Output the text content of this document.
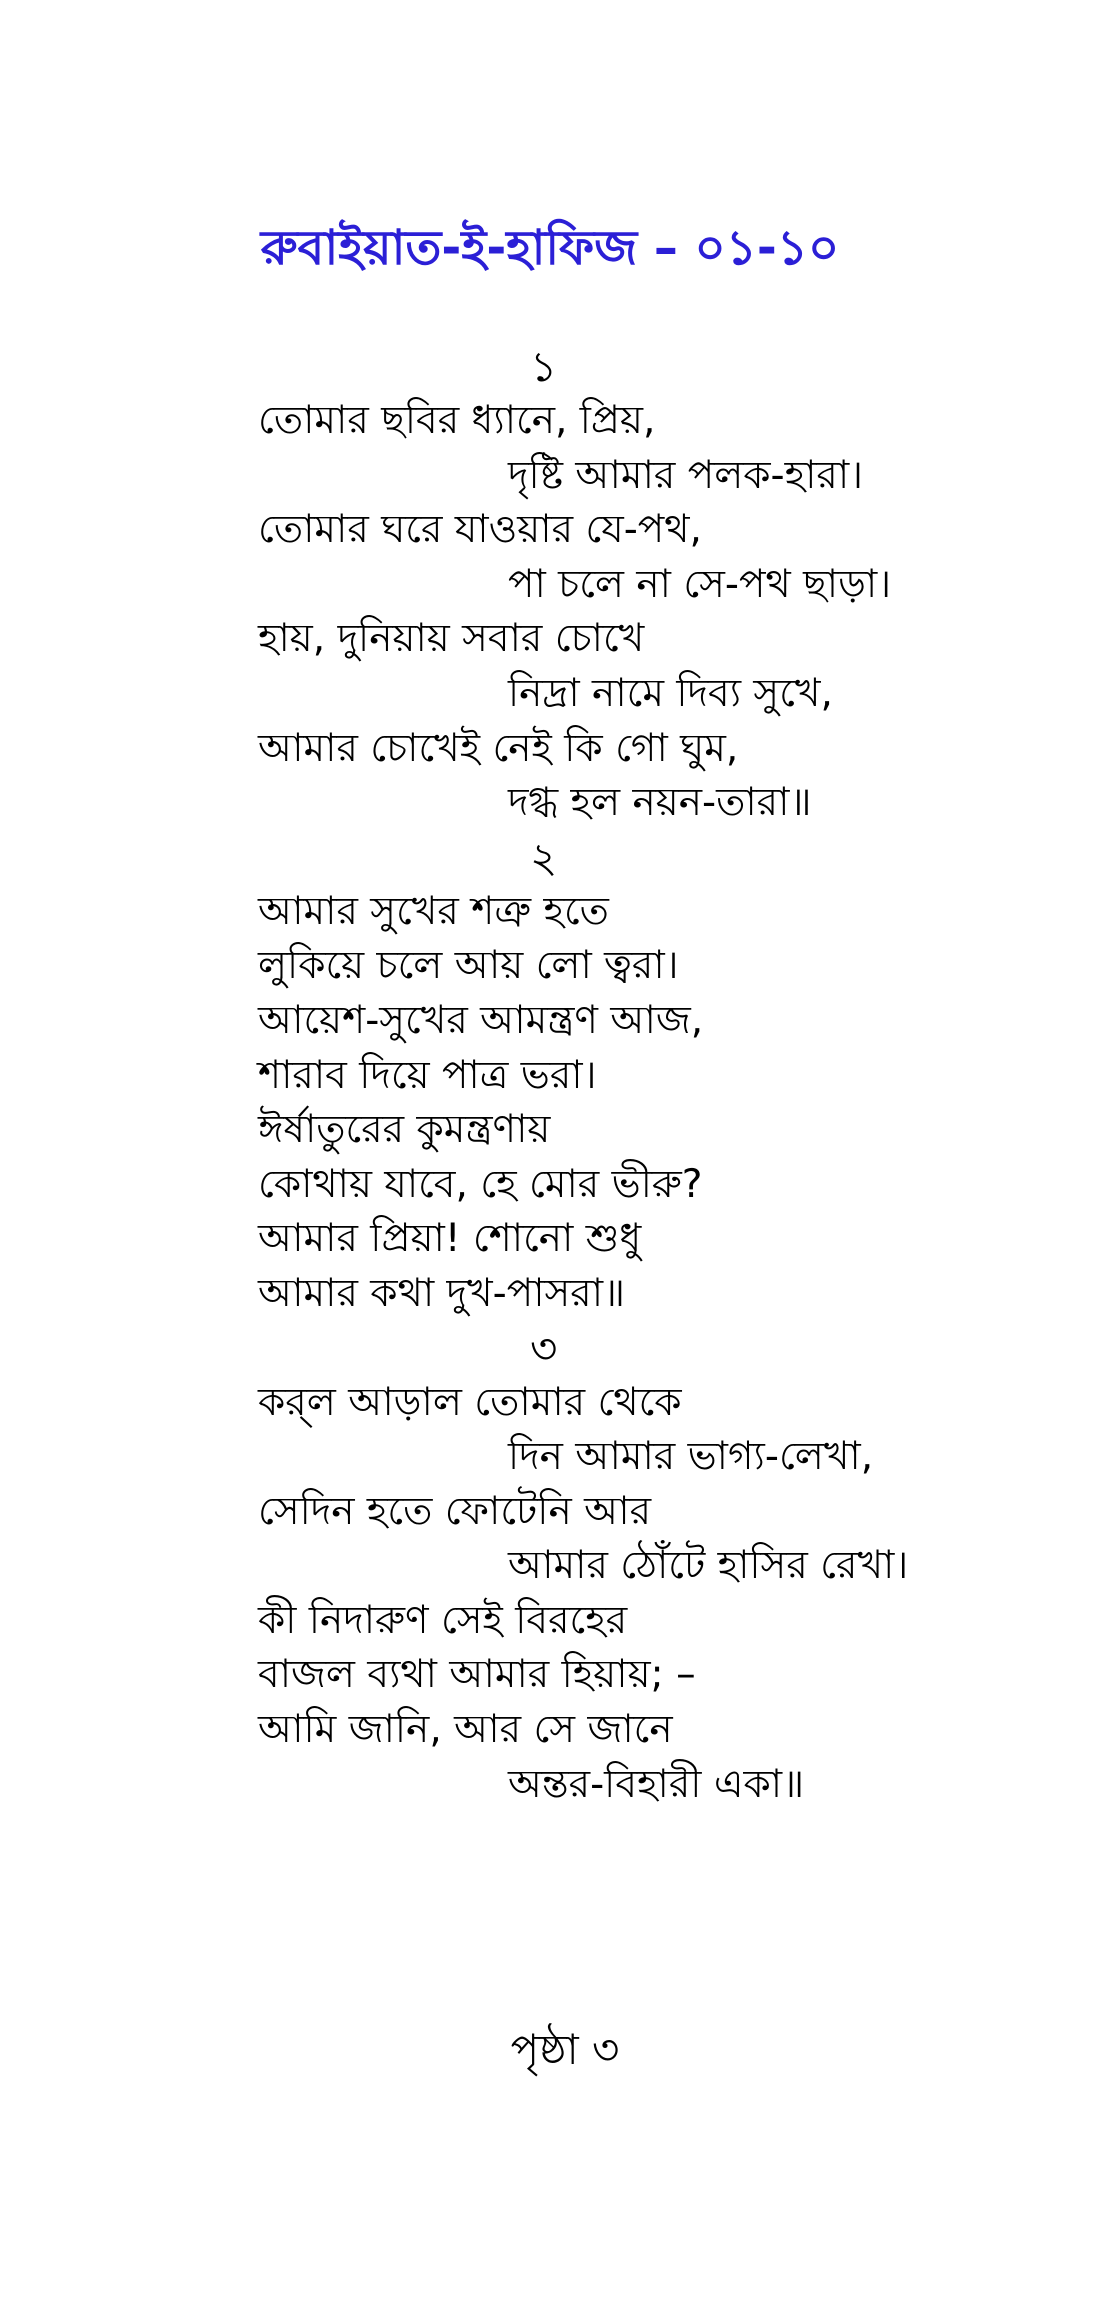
রুবাইয়াত-ই-হাফিজ – ০১-১০
১
তোমার ছবির ধ্যানে, প্রিয়,
দৃষ্টি আমার পলক-হারা।
তোমার ঘরে যাওয়ার যে-পথ,
পা চলে না সে-পথ ছাড়া।
হায়, দুনিয়ায় সবার চোখে
নিদ্রা নামে দিব্য সুখে,
আমার চোখেই নেই কি গো ঘুম,
দগ্ধ হল নয়ন-তারা॥
২
আমার সুখের শত্রু হতে
লুকিয়ে চলে আয় লো ত্বরা।
আয়েশ-সুখের আমন্ত্রণ আজ,
শারাব দিয়ে পাত্র ভরা।
ঈর্ষাতুরের কুমন্ত্রণায়
কোথায় যাবে, হে মোর ভীরু?
আমার প্রিয়া! শোনো শুধু
আমার কথা দুখ-পাসরা॥
৩
কর্‌ল আড়াল তোমার থেকে
দিন আমার ভাগ্য-লেখা,
সেদিন হতে ফোটেনি আর
আমার ঠোঁটে হাসির রেখা।
কী নিদারুণ সেই বিরহের
বাজল ব্যথা আমার হিয়ায়; –
আমি জানি, আর সে জানে
অন্তর-বিহারী একা॥
পৃষ্ঠা ৩
